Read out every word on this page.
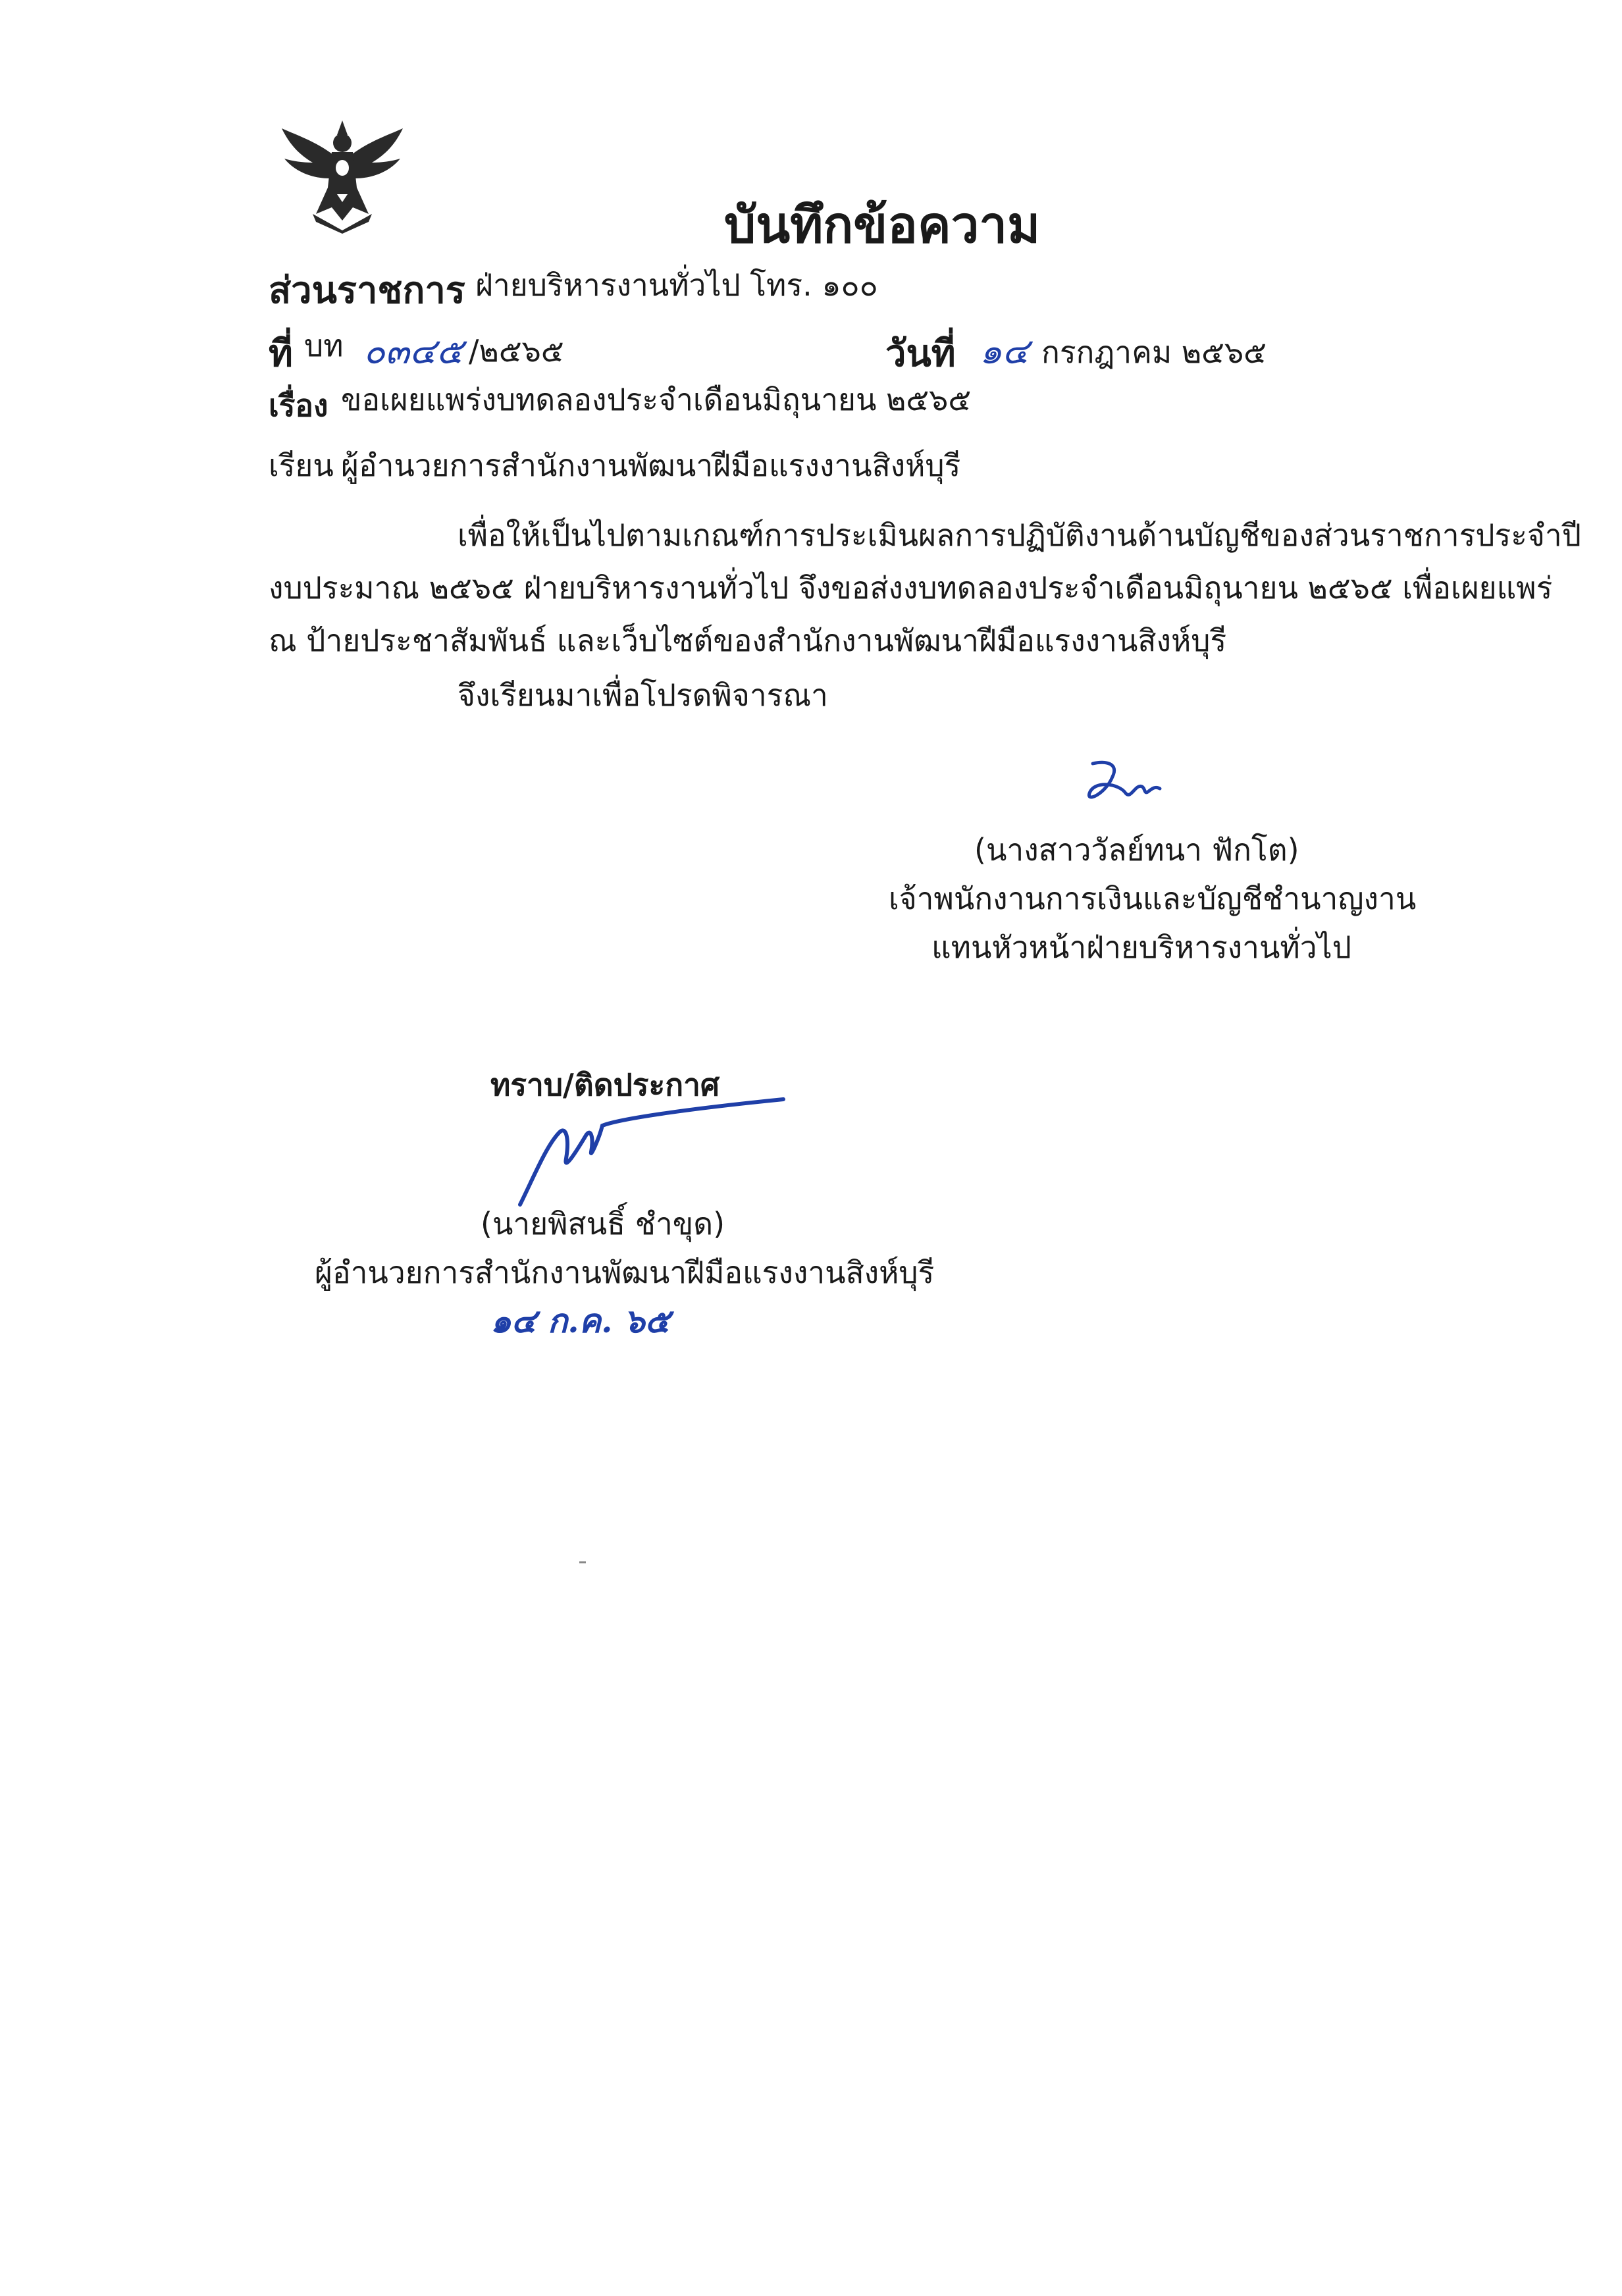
บันทึกข้อความ
ส่วนราชการ ฝ่ายบริหารงานทั่วไป โทร. ๑๐๐
ที่ บท ๐๓๔๕ /๒๕๖๕	วันที่ ๑๔ กรกฎาคม ๒๕๖๕
เรื่อง ขอเผยแพร่งบทดลองประจำเดือนมิถุนายน ๒๕๖๕
เรียน ผู้อำนวยการสำนักงานพัฒนาฝีมือแรงงานสิงห์บุรี
เพื่อให้เป็นไปตามเกณฑ์การประเมินผลการปฏิบัติงานด้านบัญชีของส่วนราชการประจำปี
งบประมาณ ๒๕๖๕ ฝ่ายบริหารงานทั่วไป จึงขอส่งงบทดลองประจำเดือนมิถุนายน ๒๕๖๕ เพื่อเผยแพร่
ณ ป้ายประชาสัมพันธ์ และเว็บไซต์ของสำนักงานพัฒนาฝีมือแรงงานสิงห์บุรี
จึงเรียนมาเพื่อโปรดพิจารณา
(นางสาววัลย์ทนา ฟักโต)
เจ้าพนักงานการเงินและบัญชีชำนาญงาน
แทนหัวหน้าฝ่ายบริหารงานทั่วไป
ทราบ/ติดประกาศ
(นายพิสนธิ์ ชำขุด)
ผู้อำนวยการสำนักงานพัฒนาฝีมือแรงงานสิงห์บุรี
๑๔ ก.ค. ๖๕
